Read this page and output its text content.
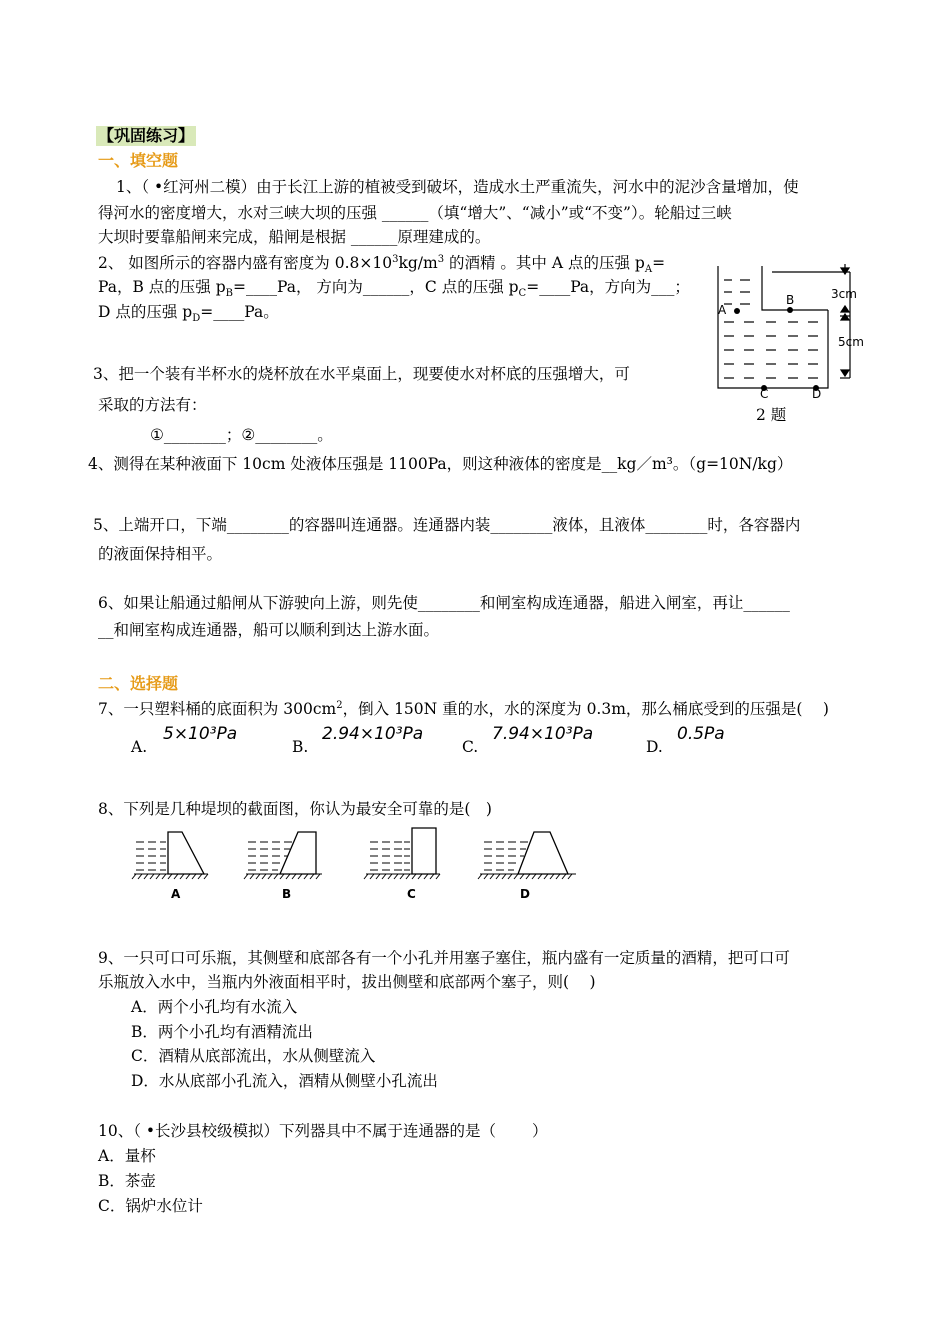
【巩固练习】
一、填空题
1、（ •红河州二模）由于长江上游的植被受到破坏，造成水土严重流失，河水中的泥沙含量增加，使
得河水的密度增大，水对三峡大坝的压强 ______（填“增大”、“减小”或“不变”）。轮船过三峡
大坝时要靠船闸来完成，船闸是根据 ______原理建成的。
2、 如图所示的容器内盛有密度为 $0.8\times 10^3kg/m^3$ 的酒精 。其中 A 点的压强 $p_A=$
Pa，B 点的压强 $p_B=\_\_\_\_Pa$， 方向为______，C 点的压强 $p_C=\_\_\_\_Pa$，方向为___；
D 点的压强 $p_D=\_\_\_\_Pa$。	A
B
C	D
3cm
5cm
2 题
3、把一个装有半杯水的烧杯放在水平桌面上，现要使水对杯底的压强增大，可
采取的方法有：
①________；②________。
4、测得在某种液面下 10cm 处液体压强是 1100Pa，则这种液体的密度是__kg／m³。（g=10N/kg）
5、上端开口，下端________的容器叫连通器。连通器内装________液体，且液体________时，各容器内
的液面保持相平。
6、如果让船通过船闸从下游驶向上游，则先使________和闸室构成连通器，船进入闸室，再让______
__和闸室构成连通器，船可以顺利到达上游水面。
二、选择题
7、一只塑料桶的底面积为 $300cm^2$，倒入 150N 重的水，水的深度为 0.3m，那么桶底受到的压强是(　 )
A.
5×10³Pa
B.
2.94×10³Pa
C.
7.94×10³Pa
D.
0.5Pa
8、下列是几种堤坝的截面图，你认为最安全可靠的是(　)
A	B	C	D
9、一只可口可乐瓶，其侧壁和底部各有一个小孔并用塞子塞住，瓶内盛有一定质量的酒精，把可口可
乐瓶放入水中，当瓶内外液面相平时，拔出侧壁和底部两个塞子，则(　 )
A．两个小孔均有水流入
B．两个小孔均有酒精流出
C．酒精从底部流出，水从侧壁流入
D．水从底部小孔流入，酒精从侧壁小孔流出
10、（ •长沙县校级模拟）下列器具中不属于连通器的是（　　 ）
A．量杯
B．茶壶
C．锅炉水位计
